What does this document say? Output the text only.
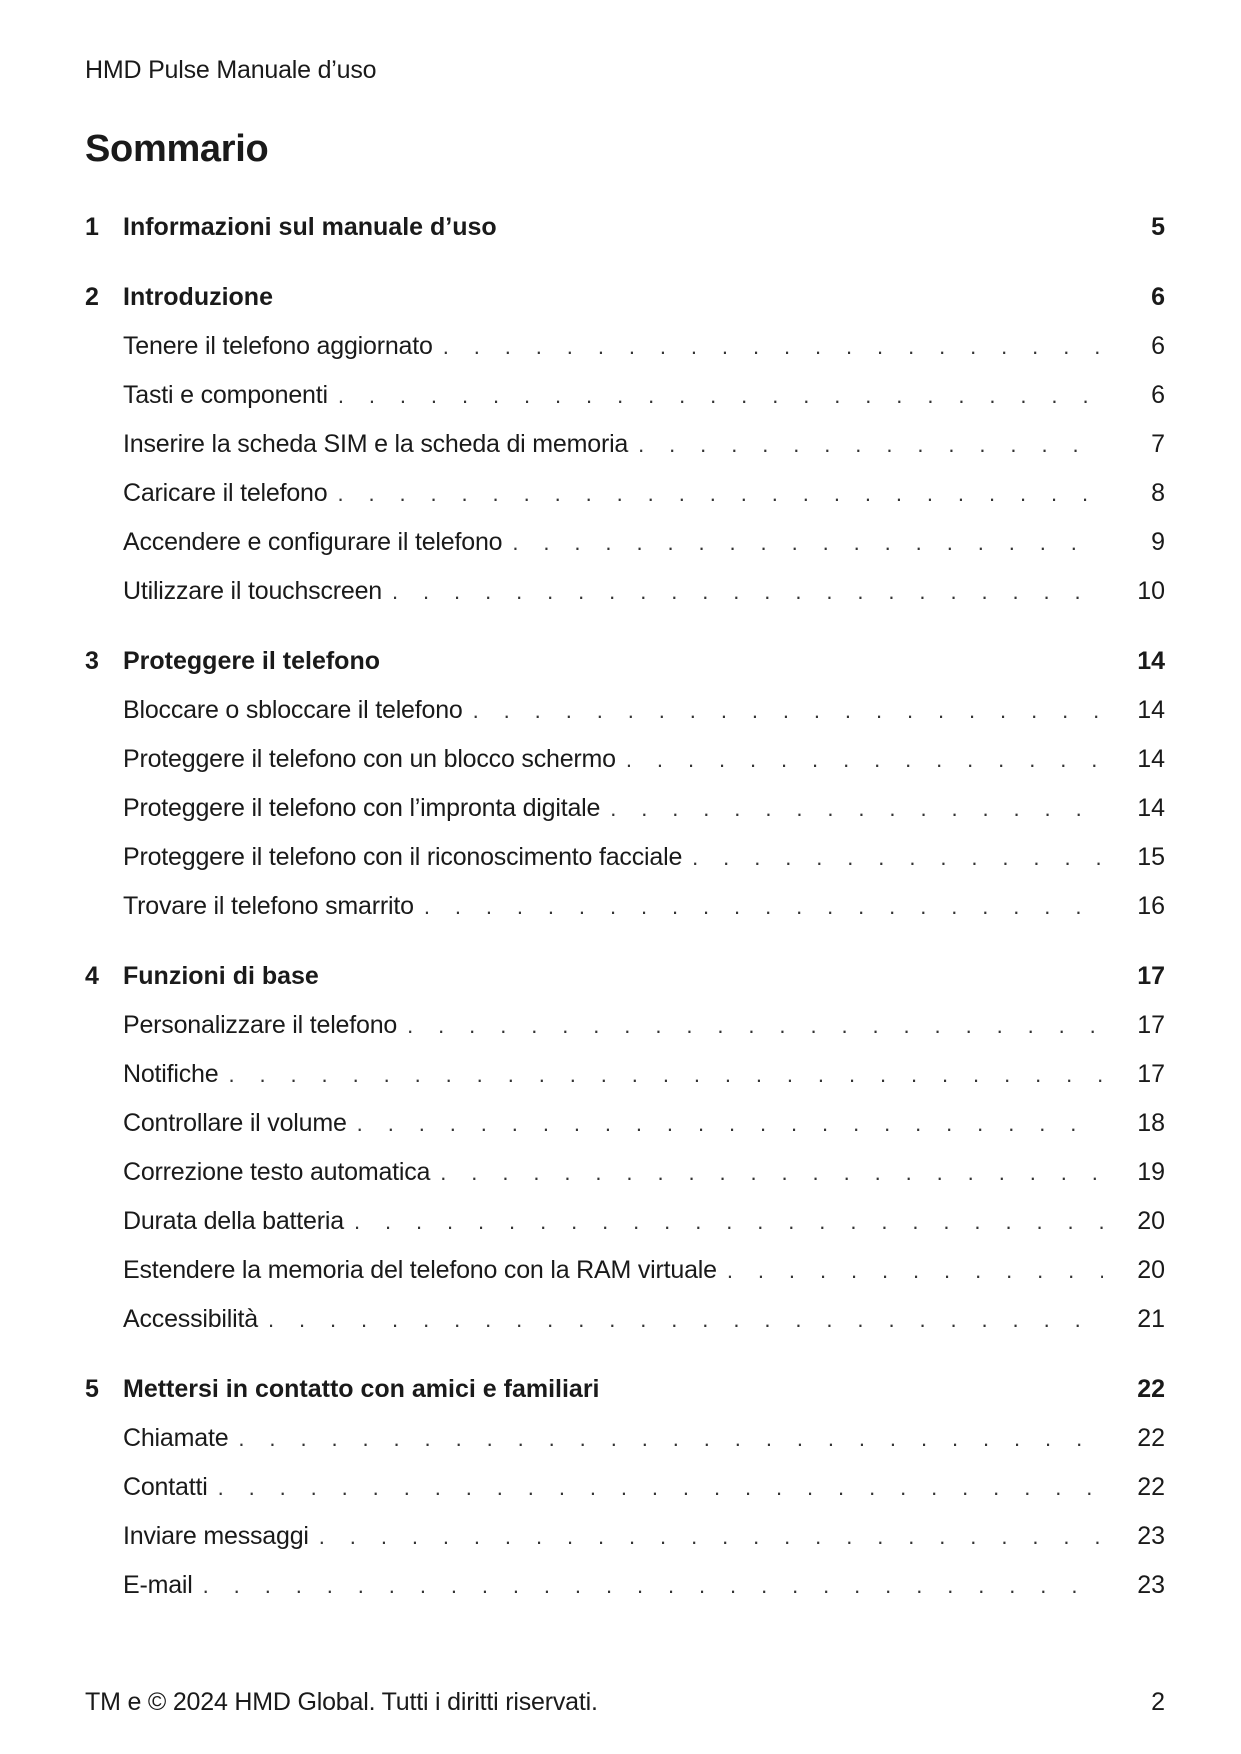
HMD Pulse Manuale d’uso
Sommario
1 Informazioni sul manuale d’uso	5
2 Introduzione	6
Tenere il telefono aggiornato . . .	6
Tasti e componenti . . .	6
Inserire la scheda SIM e la scheda di memoria . . .	7
Caricare il telefono . . .	8
Accendere e configurare il telefono . . .	9
Utilizzare il touchscreen . . .	10
3 Proteggere il telefono	14
Bloccare o sbloccare il telefono . . .	14
Proteggere il telefono con un blocco schermo . . .	14
Proteggere il telefono con l’impronta digitale . . .	14
Proteggere il telefono con il riconoscimento facciale . . .	15
Trovare il telefono smarrito . . .	16
4 Funzioni di base	17
Personalizzare il telefono . . .	17
Notifiche . . .	17
Controllare il volume . . .	18
Correzione testo automatica . . .	19
Durata della batteria . . .	20
Estendere la memoria del telefono con la RAM virtuale . . .	20
Accessibilità . . .	21
5 Mettersi in contatto con amici e familiari	22
Chiamate . . .	22
Contatti . . .	22
Inviare messaggi . . .	23
E-mail . . .	23
TM e © 2024 HMD Global. Tutti i diritti riservati.	2
